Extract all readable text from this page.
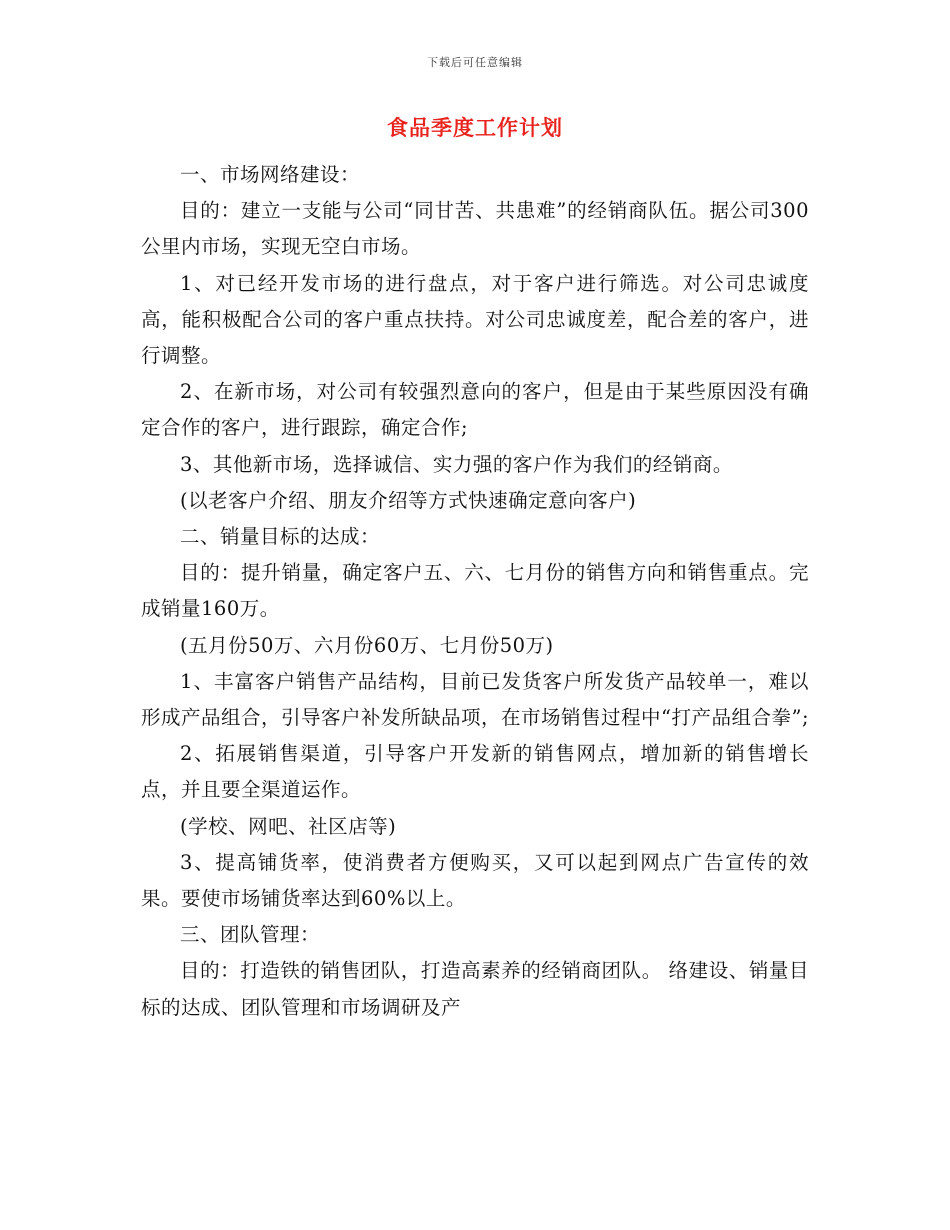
下载后可任意编辑
食品季度工作计划

一、市场网络建设：

目的：建立一支能与公司“同甘苦、共患难”的经销商队伍。据公司300公里内市场，实现无空白市场。

1、对已经开发市场的进行盘点，对于客户进行筛选。对公司忠诚度高，能积极配合公司的客户重点扶持。对公司忠诚度差，配合差的客户，进行调整。

2、在新市场，对公司有较强烈意向的客户，但是由于某些原因没有确定合作的客户，进行跟踪，确定合作;

3、其他新市场，选择诚信、实力强的客户作为我们的经销商。

(以老客户介绍、朋友介绍等方式快速确定意向客户)

二、销量目标的达成：

目的：提升销量，确定客户五、六、七月份的销售方向和销售重点。完成销量160万。

(五月份50万、六月份60万、七月份50万)

1、丰富客户销售产品结构，目前已发货客户所发货产品较单一，难以形成产品组合，引导客户补发所缺品项，在市场销售过程中“打产品组合拳”;

2、拓展销售渠道，引导客户开发新的销售网点，增加新的销售增长点，并且要全渠道运作。

(学校、网吧、社区店等)

3、提高铺货率，使消费者方便购买，又可以起到网点广告宣传的效果。要使市场铺货率达到60%以上。

三、团队管理：

目的：打造铁的销售团队，打造高素养的经销商团队。 络建设、销量目标的达成、团队管理和市场调研及产
